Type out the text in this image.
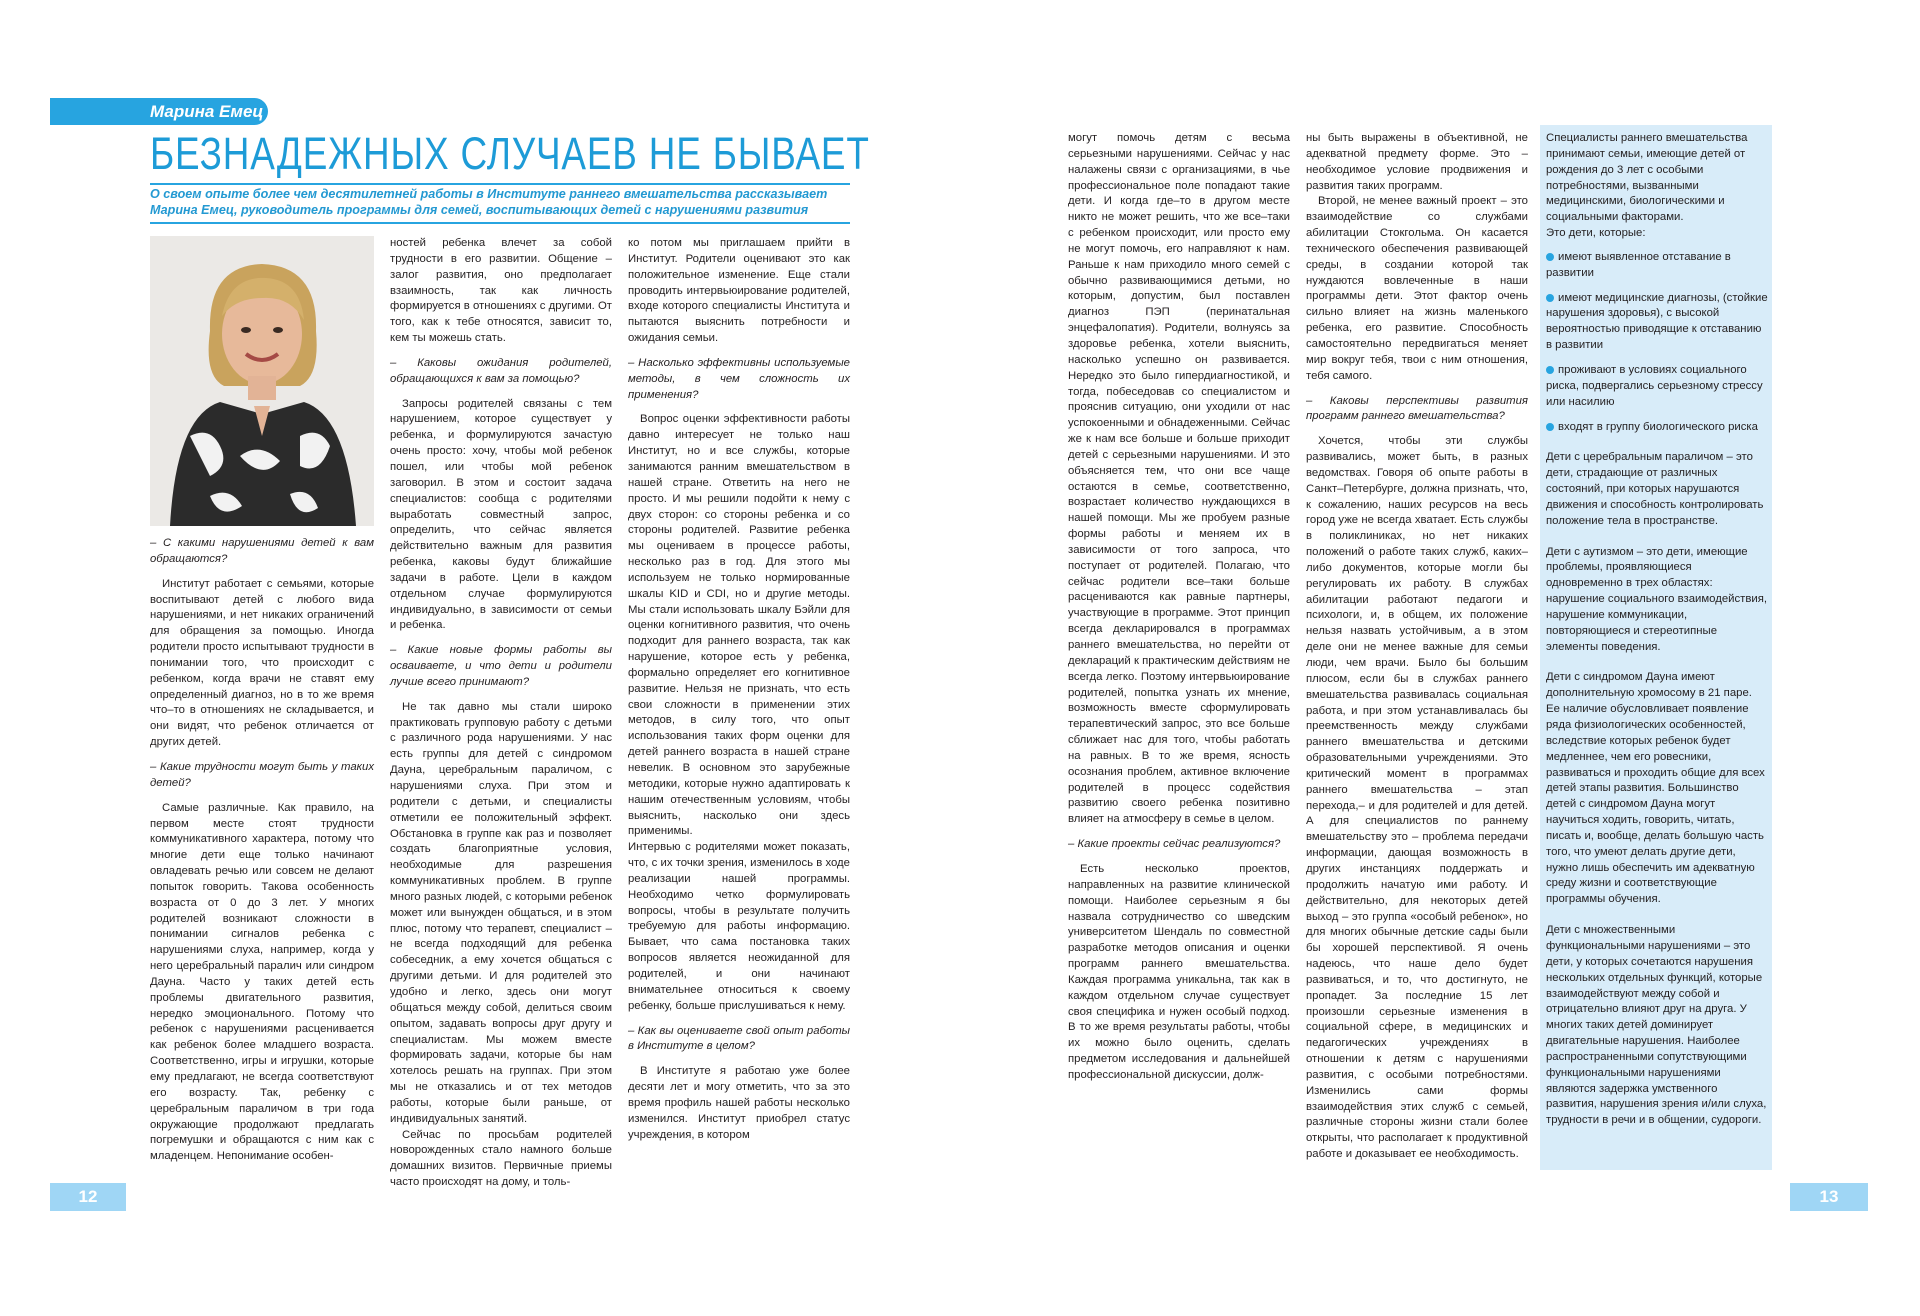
Марина Емец
БЕЗНАДЕЖНЫХ СЛУЧАЕВ НЕ БЫВАЕТ
О своем опыте более чем десятилетней работы в Институте раннего вмешательства рассказывает Марина Емец, руководитель программы для семей, воспитывающих детей с нарушениями развития

– С какими нарушениями детей к вам обращаются?

Институт работает с семьями, которые воспитывают детей с любого вида нарушениями, и нет никаких ограничений для обращения за помощью. Иногда родители просто испытывают трудности в понимании того, что происходит с ребенком, когда врачи не ставят ему определенный диагноз, но в то же время что–то в отношениях не складывается, и они видят, что ребенок отличается от других детей.

– Какие трудности могут быть у таких детей?

Самые различные. Как правило, на первом месте стоят трудности коммуникативного характера, потому что многие дети еще только начинают овладевать речью или совсем не делают попыток говорить. Такова особенность возраста от 0 до 3 лет. У многих родителей возникают сложности в понимании сигналов ребенка с нарушениями слуха, например, когда у него церебральный паралич или синдром Дауна. Часто у таких детей есть проблемы двигательного развития, нередко эмоционального. Потому что ребенок с нарушениями расценивается как ребенок более младшего возраста. Соответственно, игры и игрушки, которые ему предлагают, не всегда соответствуют его возрасту. Так, ребенку с церебральным параличом в три года окружающие продолжают предлагать погремушки и обращаются с ним как с младенцем. Непонимание особен-

ностей ребенка влечет за собой трудности в его развитии. Общение – залог развития, оно предполагает взаимность, так как личность формируется в отношениях с другими. От того, как к тебе относятся, зависит то, кем ты можешь стать.

– Каковы ожидания родителей, обращающихся к вам за помощью?

Запросы родителей связаны с тем нарушением, которое существует у ребенка, и формулируются зачастую очень просто: хочу, чтобы мой ребенок пошел, или чтобы мой ребенок заговорил. В этом и состоит задача специалистов: сообща с родителями выработать совместный запрос, определить, что сейчас является действительно важным для развития ребенка, каковы будут ближайшие задачи в работе. Цели в каждом отдельном случае формулируются индивидуально, в зависимости от семьи и ребенка.

– Какие новые формы работы вы осваиваете, и что дети и родители лучше всего принимают?

Не так давно мы стали широко практиковать групповую работу с детьми с различного рода нарушениями. У нас есть группы для детей с синдромом Дауна, церебральным параличом, с нарушениями слуха. При этом и родители с детьми, и специалисты отметили ее положительный эффект. Обстановка в группе как раз и позволяет создать благоприятные условия, необходимые для разрешения коммуникативных проблем. В группе много разных людей, с которыми ребенок может или вынужден общаться, и в этом плюс, потому что терапевт, специалист – не всегда подходящий для ребенка собеседник, а ему хочется общаться с другими детьми. И для родителей это удобно и легко, здесь они могут общаться между собой, делиться своим опытом, задавать вопросы друг другу и специалистам. Мы можем вместе формировать задачи, которые бы нам хотелось решать на группах. При этом мы не отказались и от тех методов работы, которые были раньше, от индивидуальных занятий.

Сейчас по просьбам родителей новорожденных стало намного больше домашних визитов. Первичные приемы часто происходят на дому, и толь-

ко потом мы приглашаем прийти в Институт. Родители оценивают это как положительное изменение. Еще стали проводить интервьюирование родителей, входе которого специалисты Института и пытаются выяснить потребности и ожидания семьи.

– Насколько эффективны используемые методы, в чем сложность их применения?

Вопрос оценки эффективности работы давно интересует не только наш Институт, но и все службы, которые занимаются ранним вмешательством в нашей стране. Ответить на него не просто. И мы решили подойти к нему с двух сторон: со стороны ребенка и со стороны родителей. Развитие ребенка мы оцениваем в процессе работы, несколько раз в год. Для этого мы используем не только нормированные шкалы KID и CDI, но и другие методы. Мы стали использовать шкалу Бэйли для оценки когнитивного развития, что очень подходит для раннего возраста, так как нарушение, которое есть у ребенка, формально определяет его когнитивное развитие. Нельзя не признать, что есть свои сложности в применении этих методов, в силу того, что опыт использования таких форм оценки для детей раннего возраста в нашей стране невелик. В основном это зарубежные методики, которые нужно адаптировать к нашим отечественным условиям, чтобы выяснить, насколько они здесь применимы.

Интервью с родителями может показать, что, с их точки зрения, изменилось в ходе реализации нашей программы. Необходимо четко формулировать вопросы, чтобы в результате получить требуемую для работы информацию. Бывает, что сама постановка таких вопросов является неожиданной для родителей, и они начинают внимательнее относиться к своему ребенку, больше прислушиваться к нему.

– Как вы оцениваете свой опыт работы в Институте в целом?

В Институте я работаю уже более десяти лет и могу отметить, что за это время профиль нашей работы несколько изменился. Институт приобрел статус учреждения, в котором

12

могут помочь детям с весьма серьезными нарушениями. Сейчас у нас налажены связи с организациями, в чье профессиональное поле попадают такие дети. И когда где–то в другом месте никто не может решить, что же все–таки с ребенком происходит, или просто ему не могут помочь, его направляют к нам. Раньше к нам приходило много семей с обычно развивающимися детьми, но которым, допустим, был поставлен диагноз ПЭП (перинатальная энцефалопатия). Родители, волнуясь за здоровье ребенка, хотели выяснить, насколько успешно он развивается. Нередко это было гипердиагностикой, и тогда, побеседовав со специалистом и прояснив ситуацию, они уходили от нас успокоенными и обнадеженными. Сейчас же к нам все больше и больше приходит детей с серьезными нарушениями. И это объясняется тем, что они все чаще остаются в семье, соответственно, возрастает количество нуждающихся в нашей помощи. Мы же пробуем разные формы работы и меняем их в зависимости от того запроса, что поступает от родителей. Полагаю, что сейчас родители все–таки больше расцениваются как равные партнеры, участвующие в программе. Этот принцип всегда декларировался в программах раннего вмешательства, но перейти от деклараций к практическим действиям не всегда легко. Поэтому интервьюирование родителей, попытка узнать их мнение, возможность вместе сформулировать терапевтический запрос, это все больше сближает нас для того, чтобы работать на равных. В то же время, ясность осознания проблем, активное включение родителей в процесс содействия развитию своего ребенка позитивно влияет на атмосферу в семье в целом.

– Какие проекты сейчас реализуются?

Есть несколько проектов, направленных на развитие клинической помощи. Наиболее серьезным я бы назвала сотрудничество со шведским университетом Шендаль по совместной разработке методов описания и оценки программ раннего вмешательства. Каждая программа уникальна, так как в каждом отдельном случае существует своя специфика и нужен особый подход. В то же время результаты работы, чтобы их можно было оценить, сделать предметом исследования и дальнейшей профессиональной дискуссии, долж-

ны быть выражены в объективной, не адекватной предмету форме. Это – необходимое условие продвижения и развития таких программ.

Второй, не менее важный проект – это взаимодействие со службами абилитации Стокгольма. Он касается технического обеспечения развивающей среды, в создании которой так нуждаются вовлеченные в наши программы дети. Этот фактор очень сильно влияет на жизнь маленького ребенка, его развитие. Способность самостоятельно передвигаться меняет мир вокруг тебя, твои с ним отношения, тебя самого.

– Каковы перспективы развития программ раннего вмешательства?

Хочется, чтобы эти службы развивались, может быть, в разных ведомствах. Говоря об опыте работы в Санкт–Петербурге, должна признать, что, к сожалению, наших ресурсов на весь город уже не всегда хватает. Есть службы в поликлиниках, но нет никаких положений о работе таких служб, каких–либо документов, которые могли бы регулировать их работу. В службах абилитации работают педагоги и психологи, и, в общем, их положение нельзя назвать устойчивым, а в этом деле они не менее важные для семьи люди, чем врачи. Было бы большим плюсом, если бы в службах раннего вмешательства развивалась социальная работа, и при этом устанавливалась бы преемственность между службами раннего вмешательства и детскими образовательными учреждениями. Это критический момент в программах раннего вмешательства – этап перехода,– и для родителей и для детей. А для специалистов по раннему вмешательству это – проблема передачи информации, дающая возможность в других инстанциях поддержать и продолжить начатую ими работу. И действительно, для некоторых детей выход – это группа «особый ребенок», но для многих обычные детские сады были бы хорошей перспективой. Я очень надеюсь, что наше дело будет развиваться, и то, что достигнуто, не пропадет. За последние 15 лет произошли серьезные изменения в социальной сфере, в медицинских и педагогических учреждениях в отношении к детям с нарушениями развития, с особыми потребностями. Изменились сами формы взаимодействия этих служб с семьей, различные стороны жизни стали более открыты, что располагает к продуктивной работе и доказывает ее необходимость.

Специалисты раннего вмешательства принимают семьи, имеющие детей от рождения до 3 лет с особыми потребностями, вызванными медицинскими, биологическими и социальными факторами.

Это дети, которые:

имеют выявленное отставание в развитии

имеют медицинские диагнозы, (стойкие нарушения здоровья), с высокой вероятностью приводящие к отставанию в развитии

проживают в условиях социального риска, подвергались серьезному стрессу или насилию

входят в группу биологического риска

Дети с церебральным параличом – это дети, страдающие от различных состояний, при которых нарушаются движения и способность контролировать положение тела в пространстве.

Дети с аутизмом – это дети, имеющие проблемы, проявляющиеся одновременно в трех областях: нарушение социального взаимодействия, нарушение коммуникации, повторяющиеся и стереотипные элементы поведения.

Дети с синдромом Дауна имеют дополнительную хромосому в 21 паре. Ее наличие обусловливает появление ряда физиологических особенностей, вследствие которых ребенок будет медленнее, чем его ровесники, развиваться и проходить общие для всех детей этапы развития. Большинство детей с синдромом Дауна могут научиться ходить, говорить, читать, писать и, вообще, делать большую часть того, что умеют делать другие дети, нужно лишь обеспечить им адекватную среду жизни и соответствующие программы обучения.

Дети с множественными функциональными нарушениями – это дети, у которых сочетаются нарушения нескольких отдельных функций, которые взаимодействуют между собой и отрицательно влияют друг на друга. У многих таких детей доминирует двигательные нарушения. Наиболее распространенными сопутствующими функциональными нарушениями являются задержка умственного развития, нарушения зрения и/или слуха, трудности в речи и в общении, судороги.

13
